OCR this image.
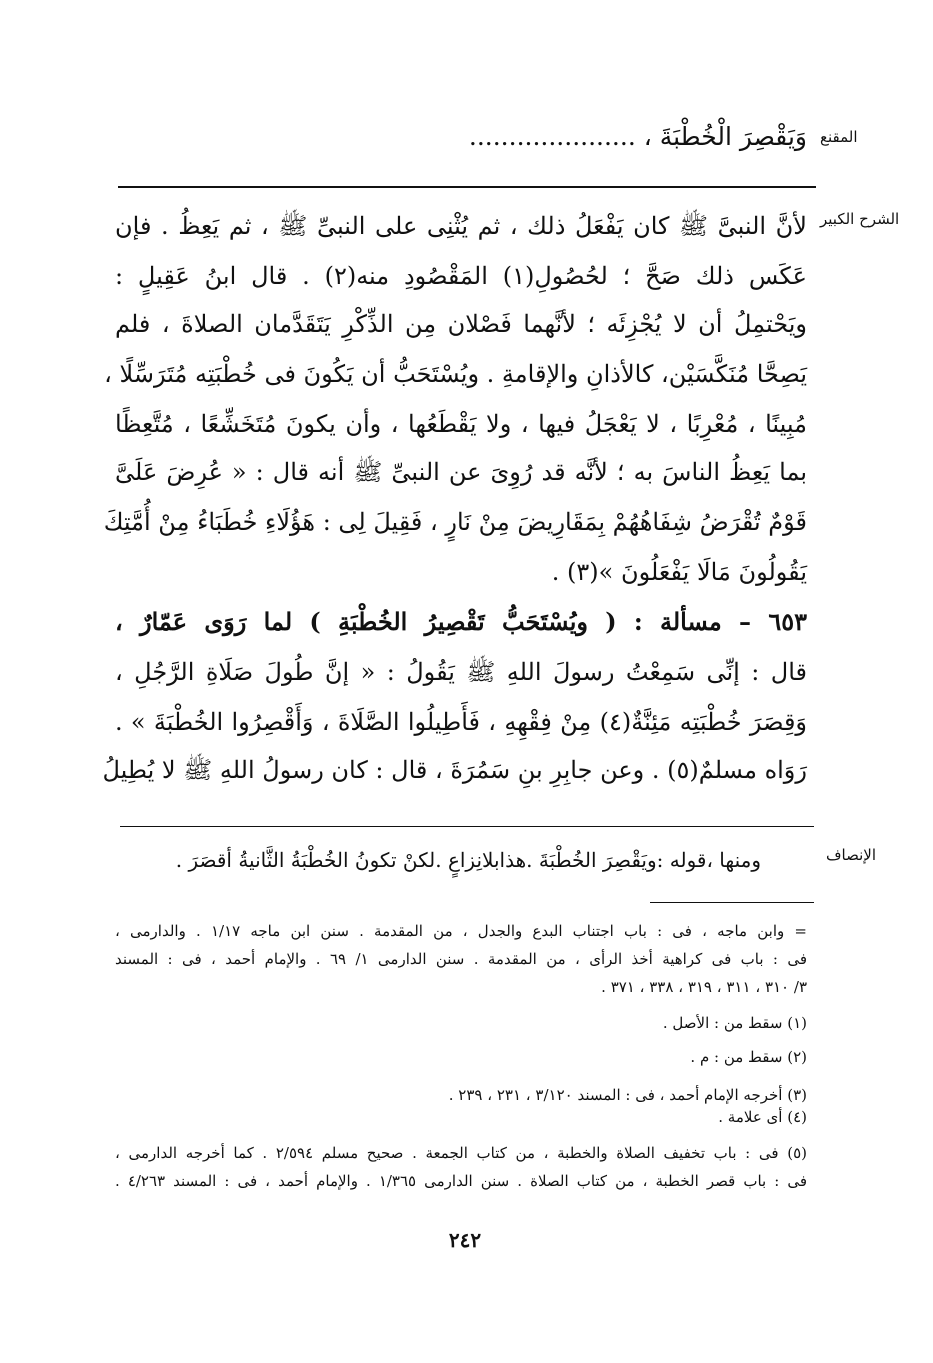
المقنع
وَيَقْصِرَ الْخُطْبَةَ ، .....................
الشرح الكبير
لأنَّ النبىَّ ﷺ كان يَفْعَلُ ذلك ، ثم يُثْنِى على النبىِّ ﷺ ، ثم يَعِظُ . فإن
عَكَس ذلك صَحَّ ؛ لحُصُولِ(١) المَقْصُودِ منه(٢) . قال ابنُ عَقِيلٍ :
ويَحْتمِلُ أن لا يُجْزِئَه ؛ لأنَّهما فَصْلان مِن الذِّكْرِ يَتَقَدَّمان الصلاةَ ، فلم
يَصِحَّا مُنَكَّسَيْن، كالأذانِ والإقامةِ . ويُسْتَحَبُّ أن يَكُونَ فى خُطْبَتِه مُتَرَسِّلًا ،
مُبِينًا ، مُعْرِبًا ، لا يَعْجَلُ فيها ، ولا يَقْطَعُها ، وأن يكونَ مُتَخَشِّعًا ، مُتَّعِظًا
بما يَعِظُ الناسَ به ؛ لأنَّه قد رُوِىَ عن النبىِّ ﷺ أنه قال : « عُرِضَ عَلَىَّ
قَوْمٌ تُقْرَضُ شِفَاهُهُمْ بِمَقَارِيضَ مِنْ نَارٍ ، فَقِيلَ لِى : هَؤُلَاءِ خُطَبَاءُ مِنْ أُمَّتِكَ
يَقُولُونَ مَالَا يَفْعَلُونَ »(٣) .
٦٥٣ – مسألة : ( ويُسْتَحَبُّ تَقْصِيرُ الخُطْبَةِ ) لما رَوَى عَمّارٌ ،
قال : إنِّى سَمِعْتُ رسولَ اللهِ ﷺ يَقُولُ : « إنَّ طُولَ صَلَاةِ الرَّجُلِ ،
وَقِصَرَ خُطْبَتِه مَئِنَّةٌ(٤) مِنْ فِقْهِهِ ، فَأَطِيلُوا الصَّلَاةَ ، وَأَقْصِرُوا الخُطْبَةَ » .
رَوَاه مسلمٌ(٥) . وعن جابِرِ بنِ سَمُرَةَ ، قال : كان رسولُ اللهِ ﷺ لا يُطِيلُ
الإنصاف
ومنها ،قوله :ويَقْصِرَ الخُطْبَةَ .هذابلانِزاعٍ .لكنْ تكونُ الخُطْبَةُ الثَّانيةُ أقصَرَ .
= وابن ماجه ، فى : باب اجتناب البدع والجدل ، من المقدمة . سنن ابن ماجه ١/١٧ . والدارمى ،
فى : باب فى كراهية أخذ الرأى ، من المقدمة . سنن الدارمى ١/ ٦٩ . والإمام أحمد ، فى : المسند
٣/ ٣١٠ ، ٣١١ ، ٣١٩ ، ٣٣٨ ، ٣٧١ .
(١) سقط من : الأصل .
(٢) سقط من : م .
(٣) أخرجه الإمام أحمد ، فى : المسند ٣/١٢٠ ، ٢٣١ ، ٢٣٩ .
(٤) أى علامة .
(٥) فى : باب تخفيف الصلاة والخطبة ، من كتاب الجمعة . صحيح مسلم ٢/٥٩٤ . كما أخرجه الدارمى ،
فى : باب قصر الخطبة ، من كتاب الصلاة . سنن الدارمى ١/٣٦٥ . والإمام أحمد ، فى : المسند ٤/٢٦٣ .
٢٤٢
